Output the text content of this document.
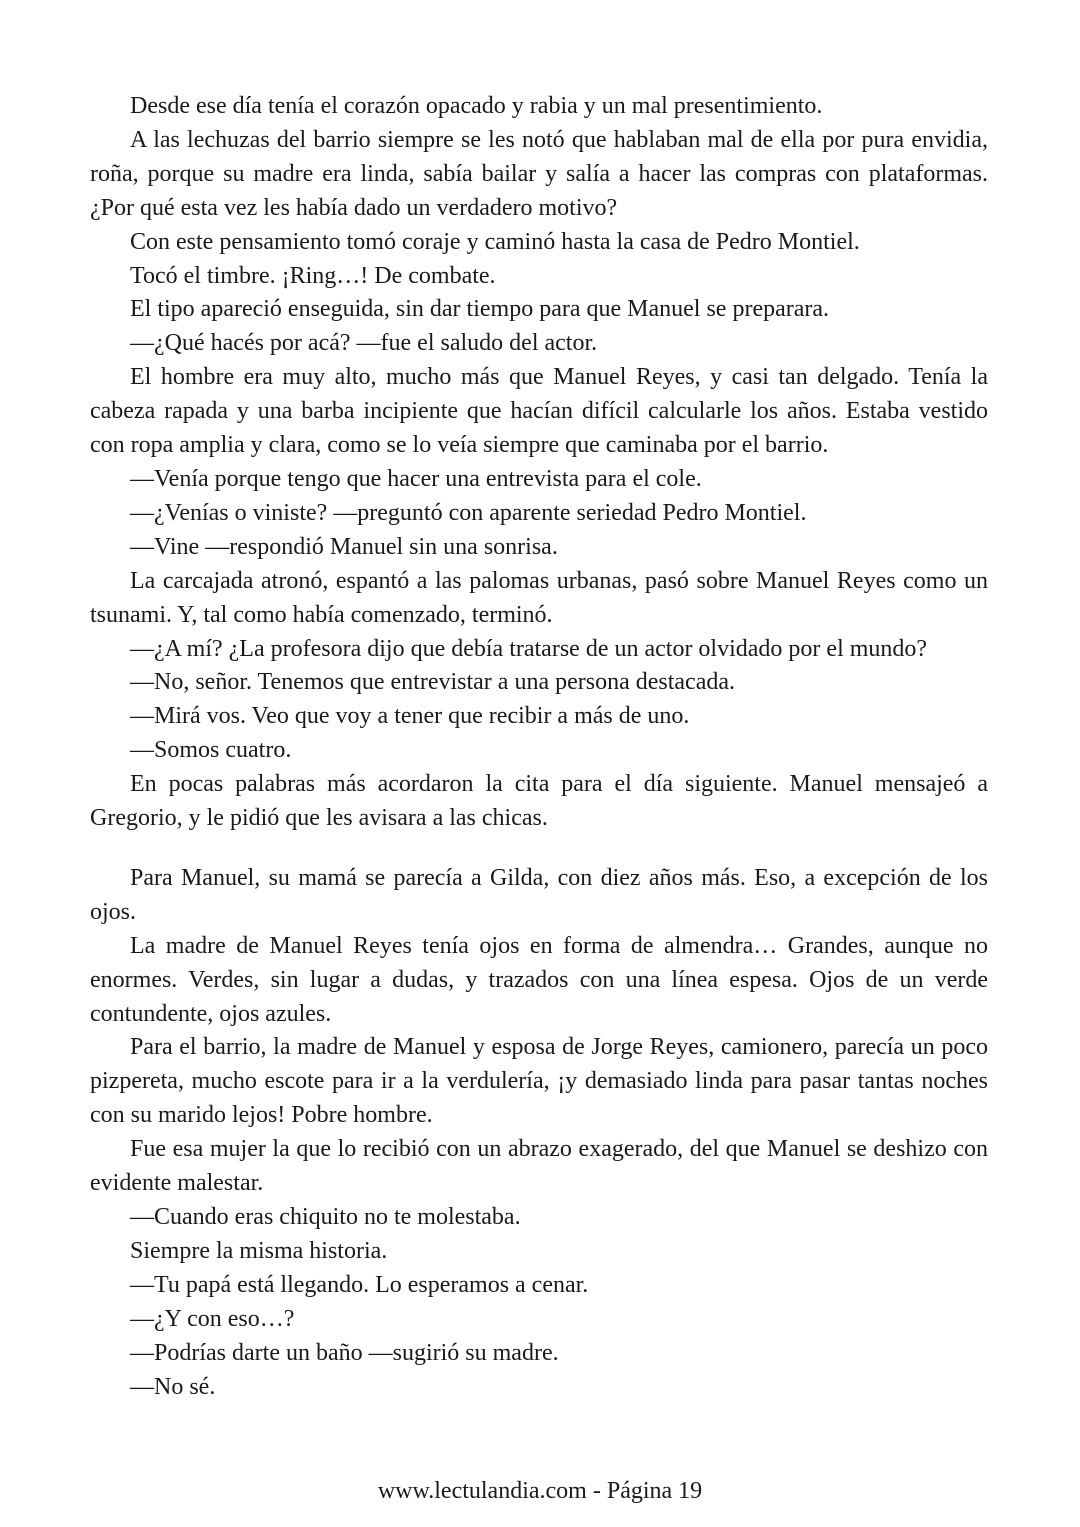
Desde ese día tenía el corazón opacado y rabia y un mal presentimiento.

A las lechuzas del barrio siempre se les notó que hablaban mal de ella por pura envidia, roña, porque su madre era linda, sabía bailar y salía a hacer las compras con plataformas. ¿Por qué esta vez les había dado un verdadero motivo?

Con este pensamiento tomó coraje y caminó hasta la casa de Pedro Montiel.

Tocó el timbre. ¡Ring…! De combate.

El tipo apareció enseguida, sin dar tiempo para que Manuel se preparara.

—¿Qué hacés por acá? —fue el saludo del actor.

El hombre era muy alto, mucho más que Manuel Reyes, y casi tan delgado. Tenía la cabeza rapada y una barba incipiente que hacían difícil calcularle los años. Estaba vestido con ropa amplia y clara, como se lo veía siempre que caminaba por el barrio.

—Venía porque tengo que hacer una entrevista para el cole.

—¿Venías o viniste? —preguntó con aparente seriedad Pedro Montiel.

—Vine —respondió Manuel sin una sonrisa.

La carcajada atronó, espantó a las palomas urbanas, pasó sobre Manuel Reyes como un tsunami. Y, tal como había comenzado, terminó.

—¿A mí? ¿La profesora dijo que debía tratarse de un actor olvidado por el mundo?

—No, señor. Tenemos que entrevistar a una persona destacada.

—Mirá vos. Veo que voy a tener que recibir a más de uno.

—Somos cuatro.

En pocas palabras más acordaron la cita para el día siguiente. Manuel mensajeó a Gregorio, y le pidió que les avisara a las chicas.

Para Manuel, su mamá se parecía a Gilda, con diez años más. Eso, a excepción de los ojos.

La madre de Manuel Reyes tenía ojos en forma de almendra… Grandes, aunque no enormes. Verdes, sin lugar a dudas, y trazados con una línea espesa. Ojos de un verde contundente, ojos azules.

Para el barrio, la madre de Manuel y esposa de Jorge Reyes, camionero, parecía un poco pizpereta, mucho escote para ir a la verdulería, ¡y demasiado linda para pasar tantas noches con su marido lejos! Pobre hombre.

Fue esa mujer la que lo recibió con un abrazo exagerado, del que Manuel se deshizo con evidente malestar.

—Cuando eras chiquito no te molestaba.

Siempre la misma historia.

—Tu papá está llegando. Lo esperamos a cenar.

—¿Y con eso…?

—Podrías darte un baño —sugirió su madre.

—No sé.

www.lectulandia.com - Página 19
